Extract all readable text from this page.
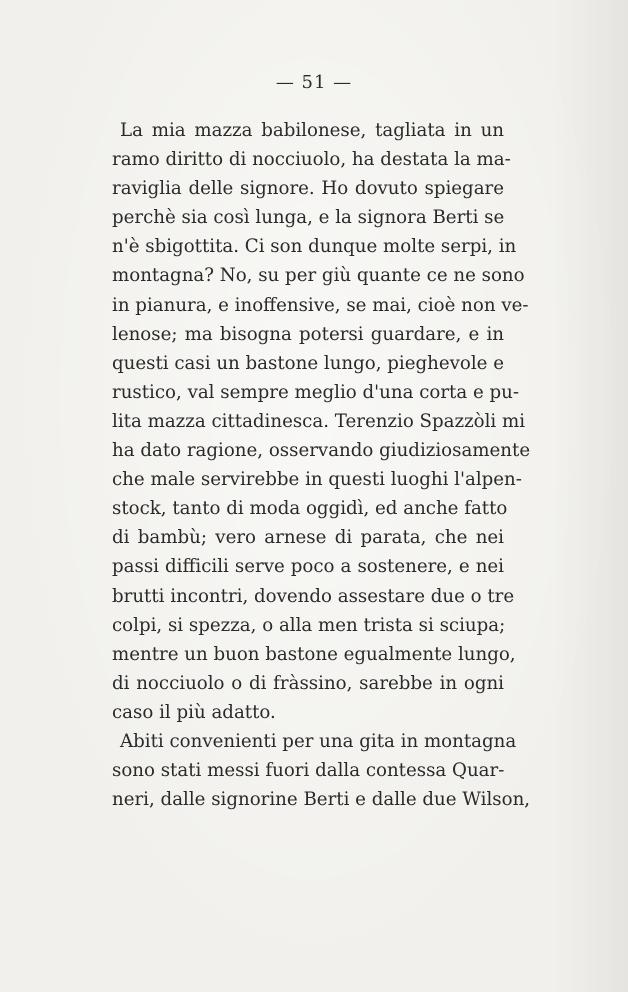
— 51 —
La mia mazza babilonese, tagliata in un
ramo diritto di nocciuolo, ha destata la ma-
raviglia delle signore. Ho dovuto spiegare
perchè sia così lunga, e la signora Berti se
n'è sbigottita. Ci son dunque molte serpi, in
montagna? No, su per giù quante ce ne sono
in pianura, e inoffensive, se mai, cioè non ve-
lenose; ma bisogna potersi guardare, e in
questi casi un bastone lungo, pieghevole e
rustico, val sempre meglio d'una corta e pu-
lita mazza cittadinesca. Terenzio Spazzòli mi
ha dato ragione, osservando giudiziosamente
che male servirebbe in questi luoghi l'alpen-
stock, tanto di moda oggidì, ed anche fatto
di bambù; vero arnese di parata, che nei
passi difficili serve poco a sostenere, e nei
brutti incontri, dovendo assestare due o tre
colpi, si spezza, o alla men trista si sciupa;
mentre un buon bastone egualmente lungo,
di nocciuolo o di fràssino, sarebbe in ogni
caso il più adatto.
Abiti convenienti per una gita in montagna
sono stati messi fuori dalla contessa Quar-
neri, dalle signorine Berti e dalle due Wilson,
